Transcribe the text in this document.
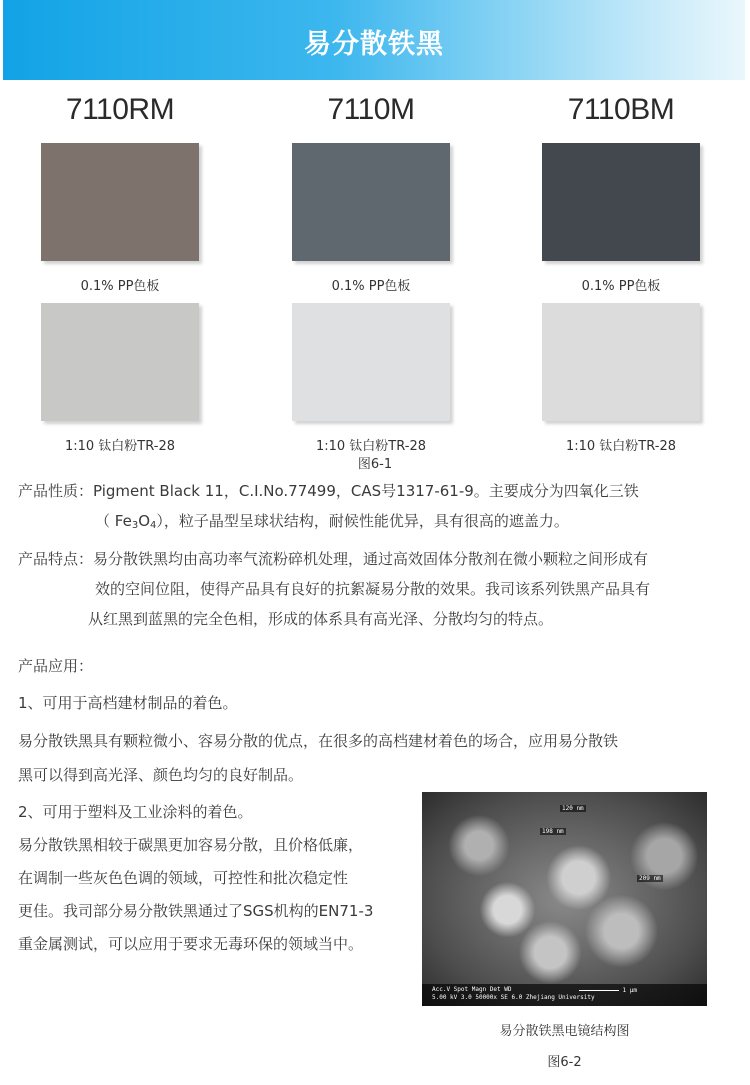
易分散铁黑
7110RM
0.1% PP色板
1:10 钛白粉TR-28
7110M
0.1% PP色板
1:10 钛白粉TR-28
7110BM
0.1% PP色板
1:10 钛白粉TR-28
图6-1
产品性质：Pigment Black 11，C.I.No.77499，CAS号1317-61-9。主要成分为四氧化三铁
（ $Fe_3O_4$），粒子晶型呈球状结构，耐候性能优异，具有很高的遮盖力。
产品特点：易分散铁黑均由高功率气流粉碎机处理，通过高效固体分散剂在微小颗粒之间形成有
效的空间位阻，使得产品具有良好的抗絮凝易分散的效果。我司该系列铁黑产品具有
从红黑到蓝黑的完全色相，形成的体系具有高光泽、分散均匀的特点。
产品应用：
1、可用于高档建材制品的着色。
易分散铁黑具有颗粒微小、容易分散的优点，在很多的高档建材着色的场合，应用易分散铁
黑可以得到高光泽、颜色均匀的良好制品。
2、可用于塑料及工业涂料的着色。
易分散铁黑相较于碳黑更加容易分散，且价格低廉，
在调制一些灰色色调的领域，可控性和批次稳定性
更佳。我司部分易分散铁黑通过了SGS机构的EN71-3
重金属测试，可以应用于要求无毒环保的领域当中。
120 nm
198 nm
209 nm
Acc.V Spot Magn Det WD
5.00 kV 3.0 50000x SE 6.0 Zhejiang University
1 μm
易分散铁黑电镜结构图
图6-2
